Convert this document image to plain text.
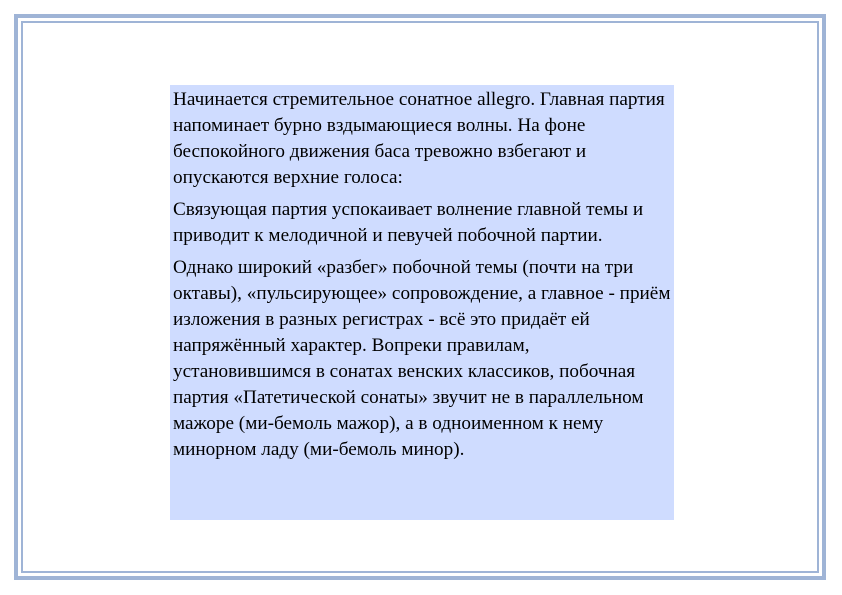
Начинается стремительное сонатное allegro. Главная партия напоминает бурно вздымающиеся волны. На фоне беспокойного движения баса тревожно взбегают и опускаются верхние голоса:

Связующая партия успокаивает волнение главной темы и приводит к мелодичной и певучей побочной партии.

Однако широкий «разбег» побочной темы (почти на три октавы), «пульсирующее» сопровождение, а главное - приём изложения в разных регистрах - всё это придаёт ей напряжённый характер. Вопреки правилам, установившимся в сонатах венских классиков, побочная партия «Патетической сонаты» звучит не в параллельном мажоре (ми-бемоль мажор), а в одноименном к нему минорном ладу (ми-бемоль минор).
